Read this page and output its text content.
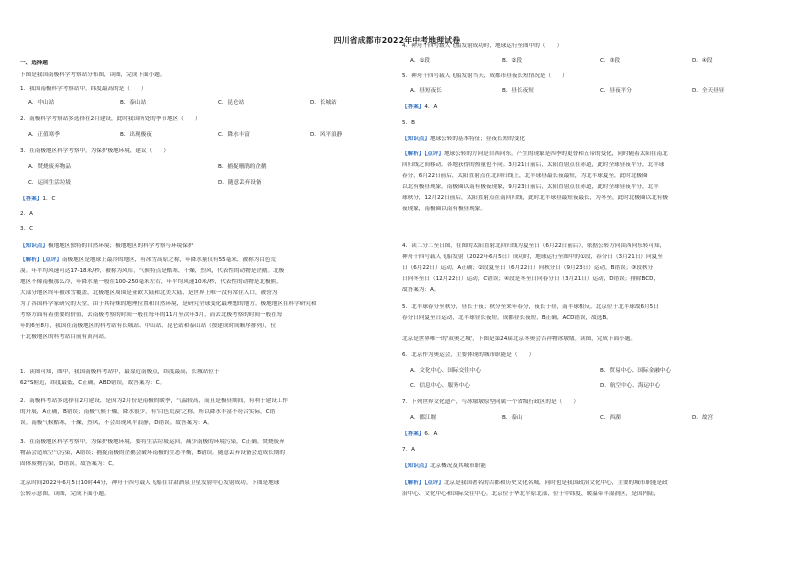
四川省成都市2022年中考地理试卷
一、选择题
下图是我国南极科学考察站分布图，读图，完成下面小题。
1．我国南极科学考察站中，纬度最高的是（　　）
A．中山站	B．泰山站	C．昆仑站	D．长城站
2．南极科学考察站多选择在2月建设，此时我国所处的季节地区（　　）
A．正值寒季	B．出现极夜	C．降水丰富	D．风平浪静
3．在南极地区科学考察中，为保护极地环境，建议（　　）
A．焚烧废弃物品	B．捕捉珊鹃的企鹅
C．运回生活垃圾	D．随意丢弃设备
【答案】1．C
2．A
3．C
【知识点】极地地区独特的自然环境；极地地区的科学考察与环境保护
【解析】【点评】南极地区是地球上最冷的地区，有冰雪高原之称，年降水量仅有55毫米，被称为白色荒
漠。年平均风速可达17-18米/秒，被称为风库，气候特点是酷寒，干燥，烈风，代表性的动物是企鹅。北极
地区不像南极那么冷，年降水量一般在100-250毫米左右，年平均风速10米/秒，代表性的动物是北极熊，
大部分地区终年被冰雪覆盖，北极地区周围是亚欧大陆和北美大陆，是世界上唯一没有常住人口，被誉为
为了各国科学家研究的天堂，由于其特殊的地理位置和自然环境，是研究全球变化最理想的地方。极地地区在科学研究和
考察方面有着重要的价值，去南极考察的时间一般在每年的11月至次年3月，而去北极考察的时间一般在每
年的6至8月，我国在南极地区的科考站有长城站、中山站、昆仑站和泰山站（按建成时间顺序排列），位
于北极地区的科考站目前有黄河站。
1．读图可知，图中，我国南极科考站中，最靠近南极点，纬度最高，长城站位于
62°S附近，纬度最低，C正确，ABD错误，故答案为：C。
2．南极科考站多选择在2月建设，是因为2月份是南极的暖季，气温较高，而且是极昼期间，有利于建设工作
的开展，A正确，B错误；南极气候干燥，降水很少，有'白色荒漠'之称，所以降水丰富不符合实际，C错
误。南极气候酷寒，干燥，烈风，不会出现风平浪静，D错误。故答案为：A。
3．在南极地区科学考察中，为保护极地环境，要将生活垃圾运回，减少南极的环境污染，C正确。焚烧废弃
物品会造成空气污染，A错误；捕捉南极的企鹅会破坏南极的生态平衡，B错误。随意丢弃设备会造成长期的
固体废物污染，D错误。故答案为：C。
北京时间2022年6月5日10时44分，神舟十四号载人飞船在甘肃酒泉卫星发射中心发射成功。下图是地球
公转示意图，读图，完成下面小题。
4．神舟十四号载人飞船发射成功时，地球运行至图中的（　　）
A．①段	B．②段	C．③段	D．④段
5．神舟十四号载人飞船发射当天，成都市昼夜长短情况是（　　）
A．昼短夜长	B．昼长夜短	C．昼夜平分	D．全天昼昼
【答案】4．A
5．B
【知识点】地球公转的基本特征；昼夜长短的变化
【解析】【点评】地球公转的方向是自西向东，产生的现象是四季的更替和五带的变化，同时随着太阳在南北
回归线之间移动，各地获得的热量也不同。3月21日前后，太阳直射点在赤道，此时全球昼夜平分，北半球
春分，6月22日前后，太阳直射点在北回归线上，北半球昼最长夜最短，为北半球夏至，此时北极圈
以北有极昼现象，南极圈以南有极夜现象，9月23日前后，太阳直射点在赤道，此时全球昼夜平分，北半
球秋分，12月22日前后，太阳直射点在南回归线，此时北半球昼最短夜最长，为冬至，此时北极圈以北有极
夜现象，南极圈以南有极昼现象。
4．读二分二至日图，在图的太阳直射北回归线为夏至日（6月22日前后），依据公转方向由西向东转可知，
神舟十四号载人飞船发射（2022年6月5日）成功时，地球运行至图中的①段，春分日（3月21日）向夏至
日（6月22日）运动，A正确；②段夏至日（6月22日）向秋分日（9月23日）运动，B错误；③段秋分
日向冬至日（12月22日）运动，C错误；④段是冬至日向春分日（3月21日）运动，D错误；排除BCD，
故答案为：A。
5．北半球春分至秋分，昼长于夜；秋分至来年春分，夜长于昼，南半球相反。北京位于北半球故6月5日
春分日向夏至日运动，北半球昼长夜短，成都昼长夜短，B正确，ACD错误，故选B。
北京是世界唯一的'双奥之城'，下图是第24届北京冬奥会吉祥物冰墩墩。读图，完成下面小题。
6．北京作为奥运会，主要体现的城市职能是（　　）
A．文化中心、国际交往中心	B．贸易中心、国际金融中心
C．信息中心、服务中心	D．航空中心、海运中心
7．下列世界文化遗产，与冰墩墩原型同属一个省级行政区的是（　　）
A．都江堰	B．泰山	C．西湖	D．故宫
【答案】6．A
7．A
【知识点】北京概况及其城市职能
【解析】【点评】北京是我国著名的古都和历史文化名城，同时也是我国政治文化中心，主要的城市职能是政
治中心、文化中心和国际交往中心。北京位于华北平原北部，位于中纬度，暖温带半湿润区，是国内陆，
